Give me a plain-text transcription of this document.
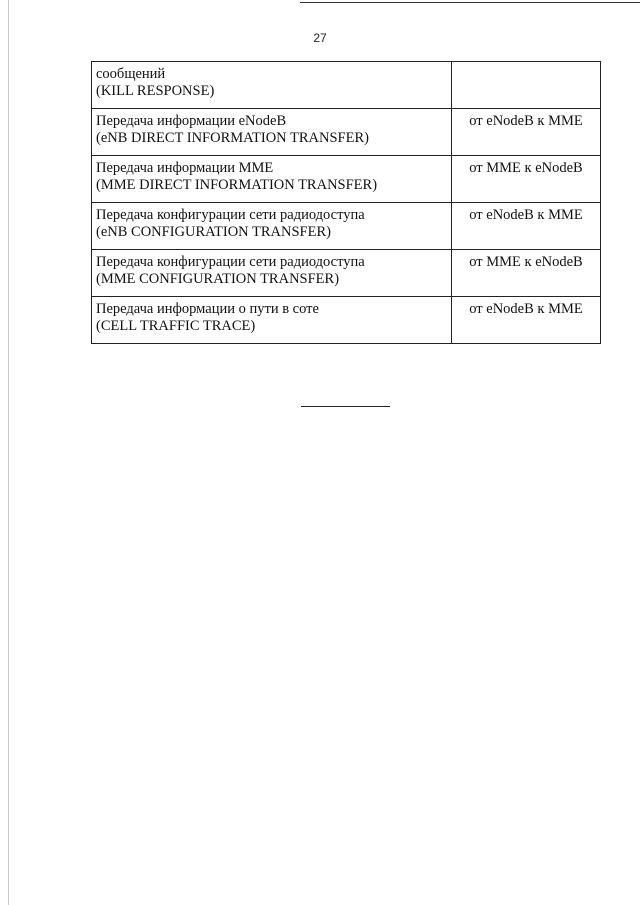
27
сообщений
(KILL RESPONSE)	

Передача информации eNodeB
(eNB DIRECT INFORMATION TRANSFER)	от eNodeB к MME

Передача информации MME
(MME DIRECT INFORMATION TRANSFER)	от MME к eNodeB

Передача конфигурации сети радиодоступа
(eNB CONFIGURATION TRANSFER)	от eNodeB к MME

Передача конфигурации сети радиодоступа
(MME CONFIGURATION TRANSFER)	от MME к eNodeB

Передача информации о пути в соте
(CELL TRAFFIC TRACE)	от eNodeB к MME
